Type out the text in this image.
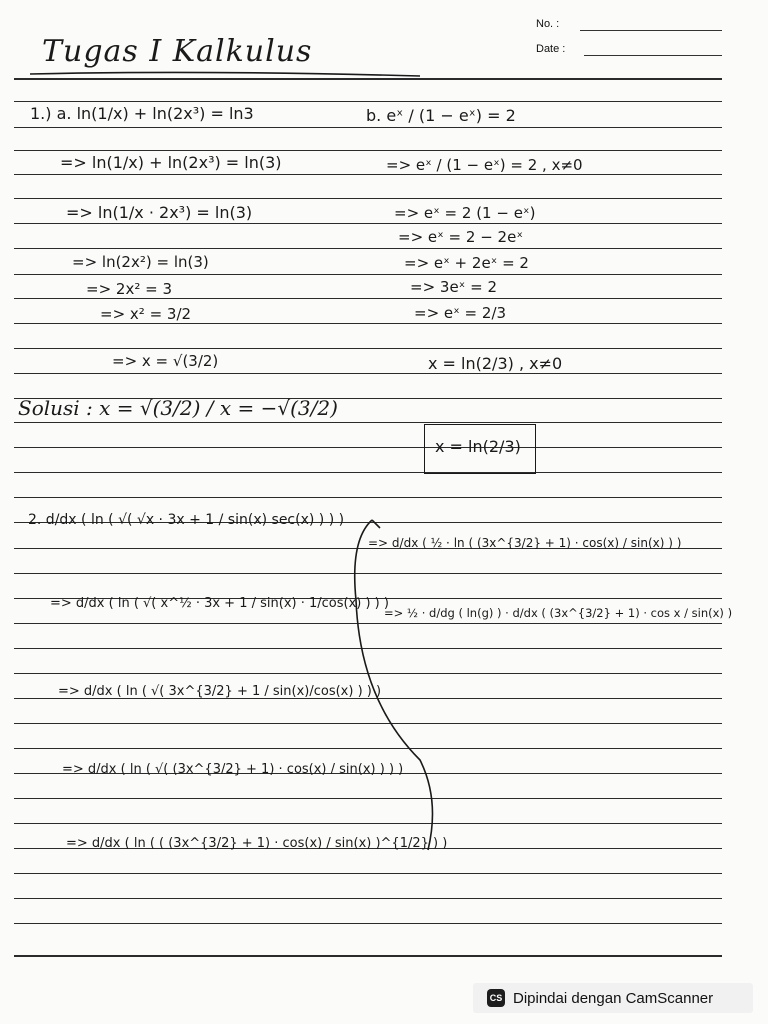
No. :
Date :
Tugas I Kalkulus
1.) a. ln(1/x) + ln(2x³) = ln3
=> ln(1/x) + ln(2x³) = ln(3)
=> ln(1/x · 2x³) = ln(3)
=> ln(2x²) = ln(3)
=> 2x² = 3
=> x² = 3/2
=> x = √(3/2)
b. eˣ / (1 − eˣ) = 2
=> eˣ / (1 − eˣ) = 2 , x≠0
=> eˣ = 2 (1 − eˣ)
=> eˣ = 2 − 2eˣ
=> eˣ + 2eˣ = 2
=> 3eˣ = 2
=> eˣ = 2/3
x = ln(2/3) , x≠0
Solusi : x = √(3/2) / x = −√(3/2)
x = ln(2/3)
2. d/dx ( ln ( √( √x · 3x + 1 / sin(x) sec(x) ) ) )
=> d/dx ( ln ( √( x^½ · 3x + 1 / sin(x) · 1/cos(x) ) ) )
=> d/dx ( ln ( √( 3x^{3/2} + 1 / sin(x)/cos(x) ) ) )
=> d/dx ( ln ( √( (3x^{3/2} + 1) · cos(x) / sin(x) ) ) )
=> d/dx ( ln ( ( (3x^{3/2} + 1) · cos(x) / sin(x) )^{1/2} ) )
=> d/dx ( ½ · ln ( (3x^{3/2} + 1) · cos(x) / sin(x) ) )
=> ½ · d/dg ( ln(g) ) · d/dx ( (3x^{3/2} + 1) · cos x / sin(x) )
CS Dipindai dengan CamScanner
